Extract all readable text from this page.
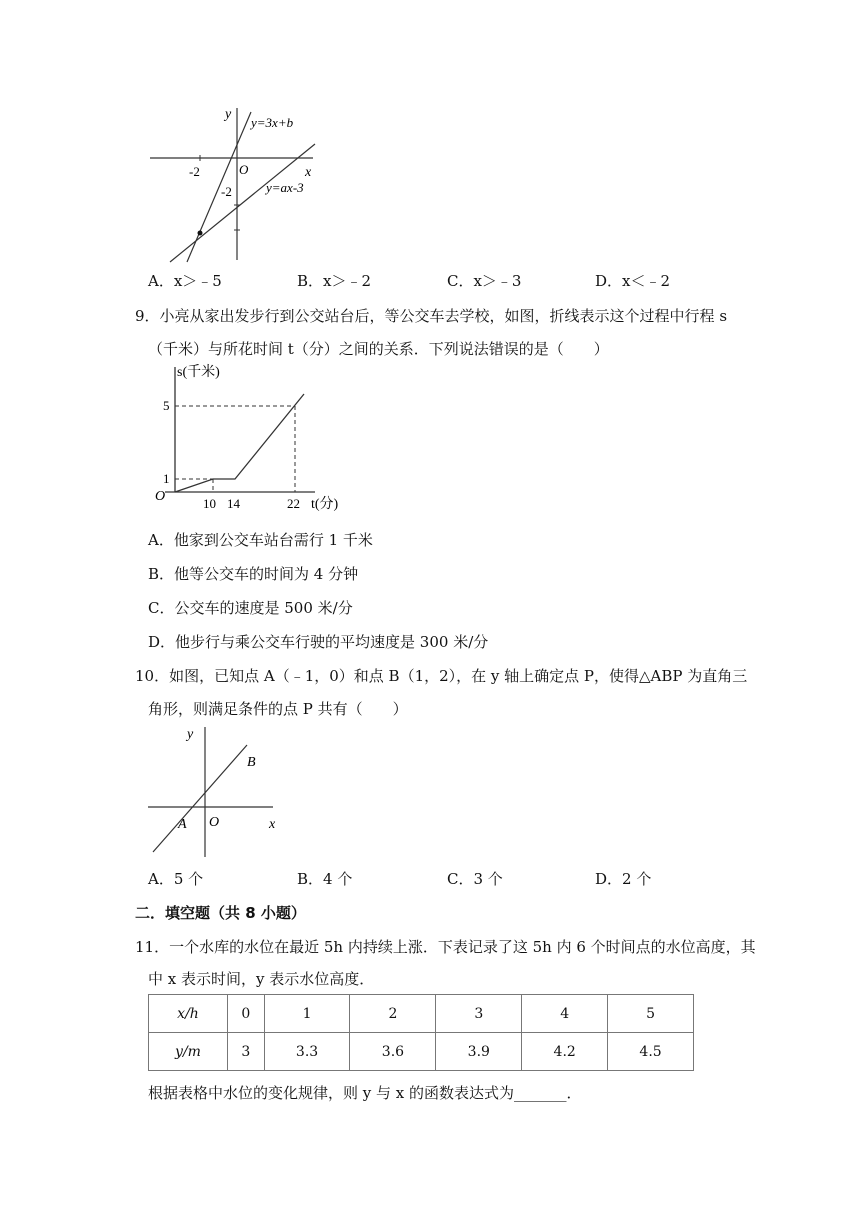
y
y=3x+b
O
-2	x
-2	y=ax-3
A．x＞﹣5	B．x＞﹣2	C．x＞﹣3	D．x＜﹣2
9．小亮从家出发步行到公交站台后，等公交车去学校，如图，折线表示这个过程中行程 s
（千米）与所花时间 t（分）之间的关系．下列说法错误的是（　　）
s(千米)
5
1
O	10 14	22 t(分)
A．他家到公交车站台需行 1 千米
B．他等公交车的时间为 4 分钟
C．公交车的速度是 500 米/分
D．他步行与乘公交车行驶的平均速度是 300 米/分
10．如图，已知点 A（﹣1，0）和点 B（1，2），在 y 轴上确定点 P，使得△ABP 为直角三
角形，则满足条件的点 P 共有（　　）
y
B
A O	x
A．5 个	B．4 个	C．3 个	D．2 个
二．填空题（共 8 小题）
11．一个水库的水位在最近 5h 内持续上涨．下表记录了这 5h 内 6 个时间点的水位高度，其
中 x 表示时间，y 表示水位高度．
x/h	0	1	2	3	4	5
y/m	3	3.3	3.6	3.9	4.2	4.5
根据表格中水位的变化规律，则 y 与 x 的函数表达式为_______．
